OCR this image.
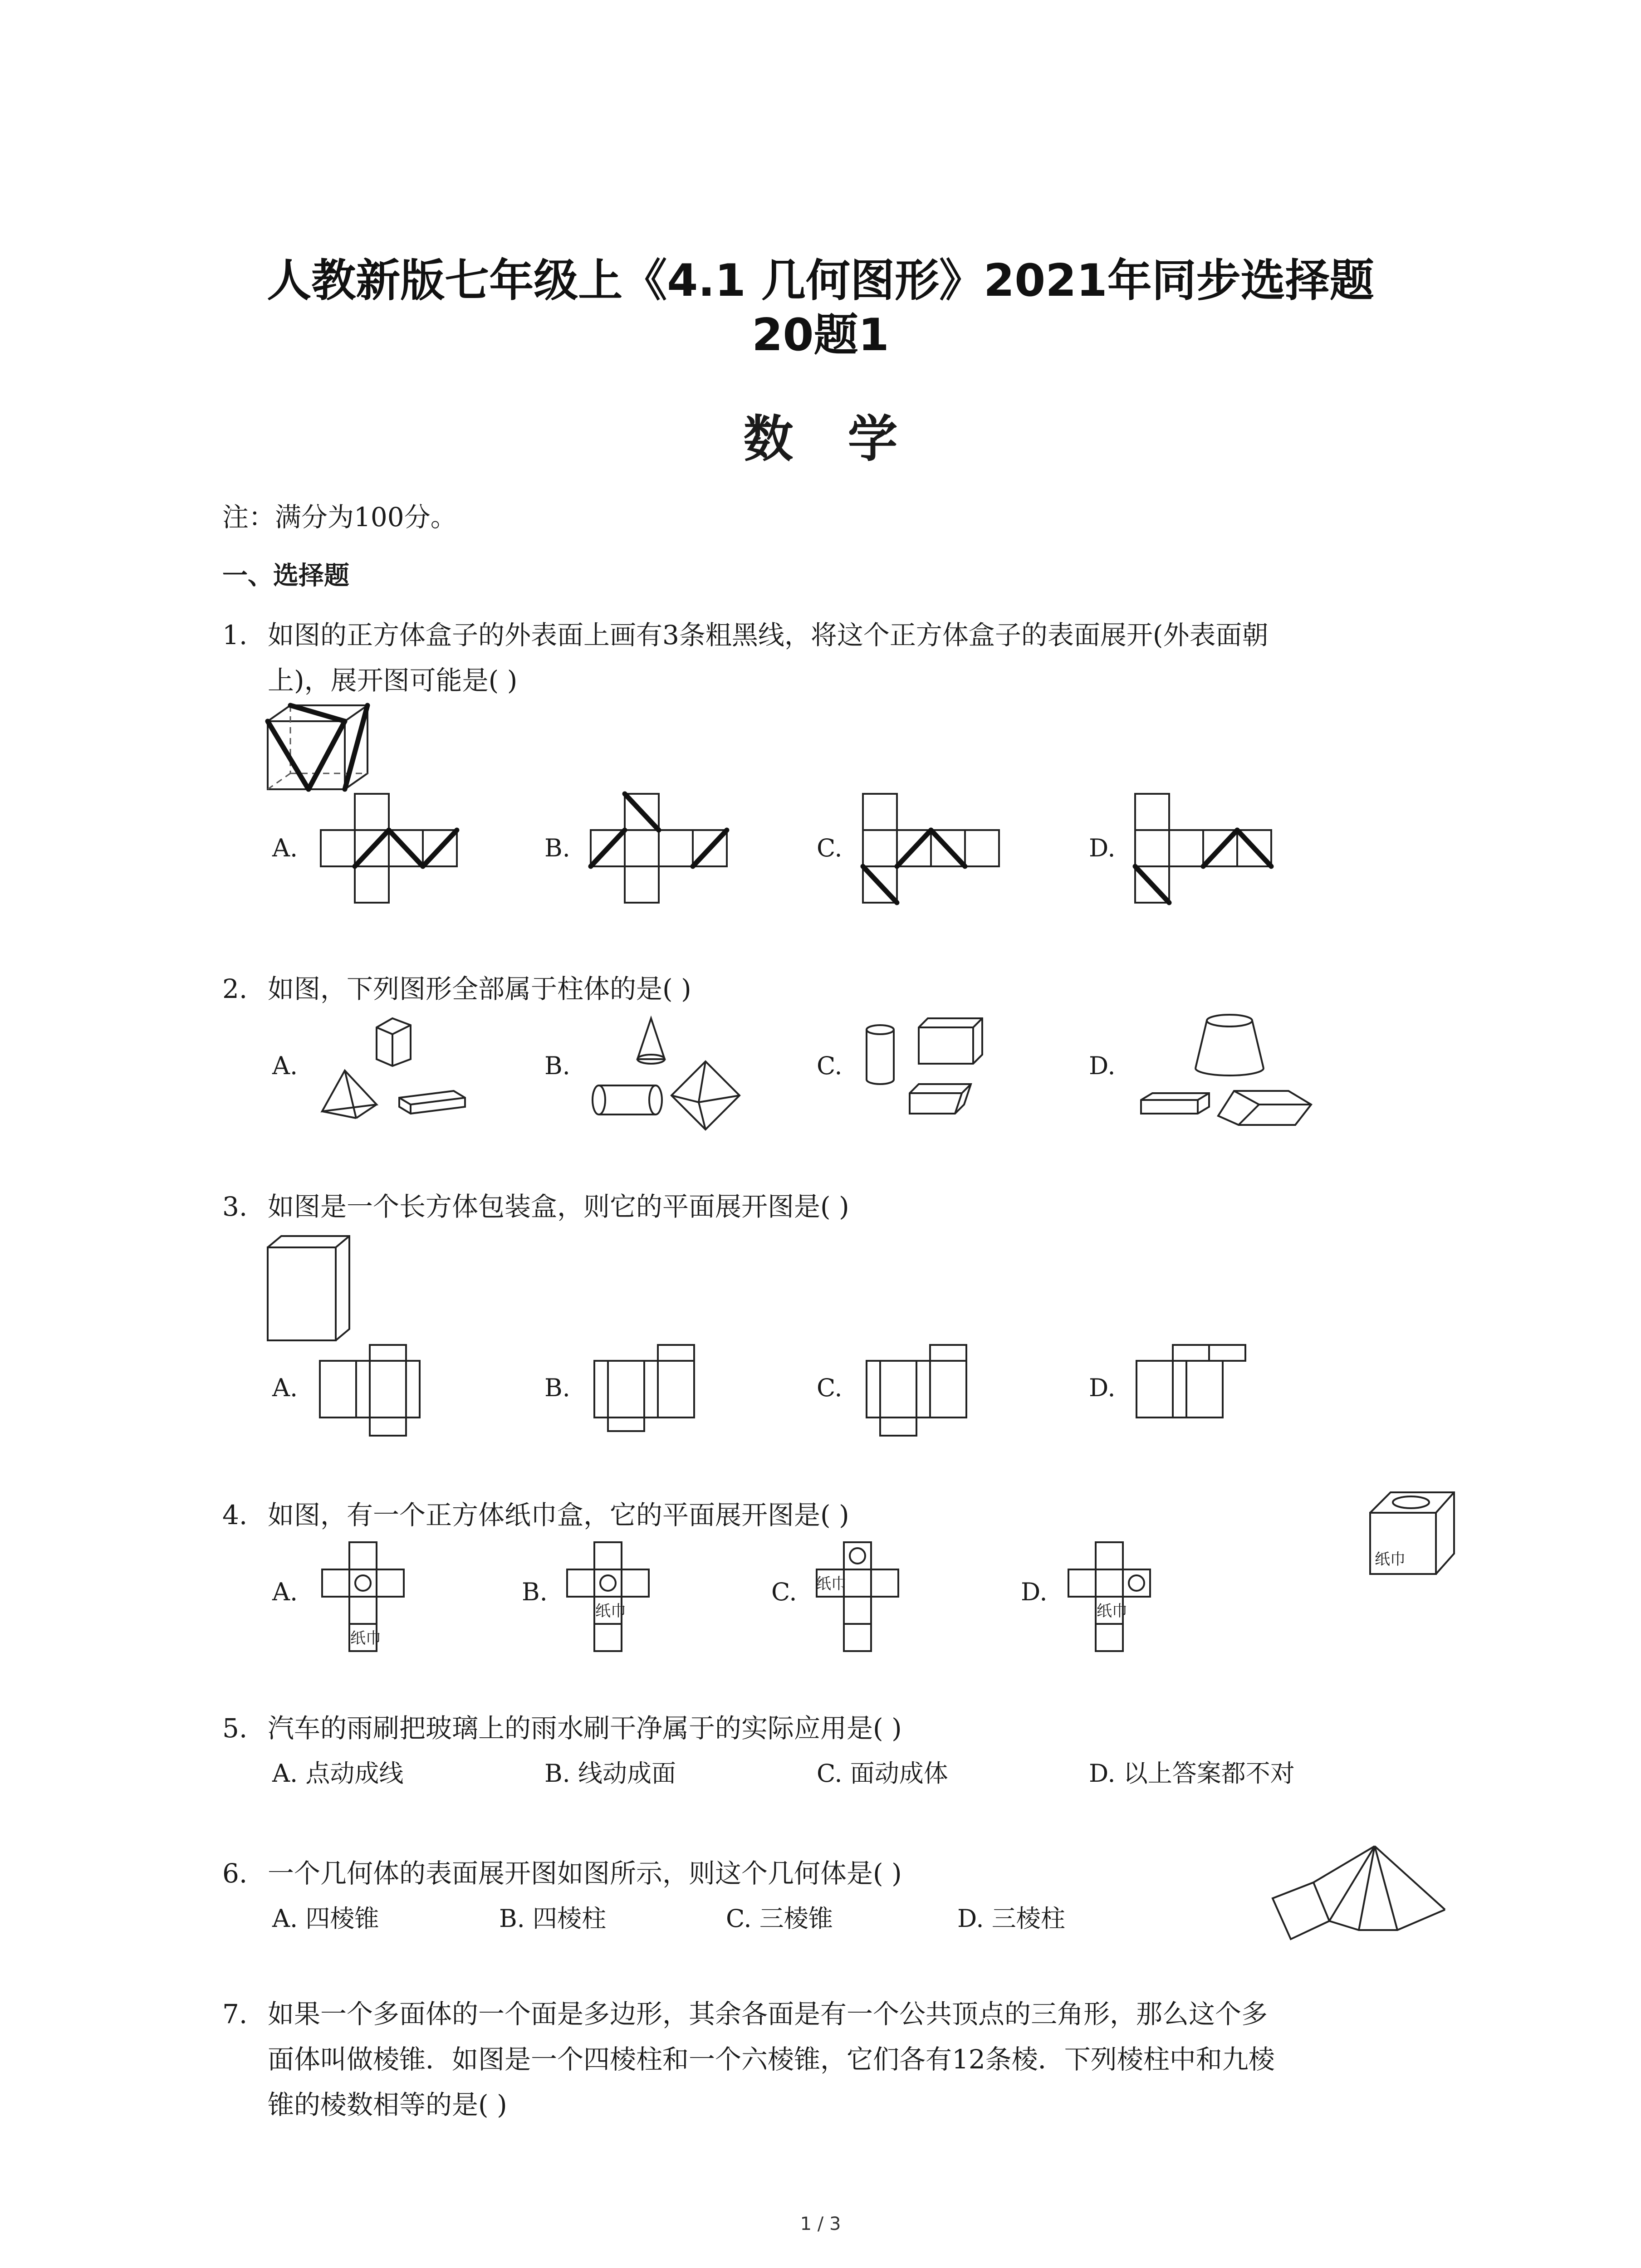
人教新版七年级上《4.1 几何图形》2021年同步选择题
20题1
数学
注：满分为100分。
一、选择题
1. 如图的正方体盒子的外表面上画有3条粗黑线，将这个正方体盒子的表面展开(外表面朝
上)，展开图可能是( )
A.	B.	C.	D.
2. 如图，下列图形全部属于柱体的是( )
A.	B.	C.	D.
3. 如图是一个长方体包装盒，则它的平面展开图是( )
A.	B.	C.	D.
4. 如图，有一个正方体纸巾盒，它的平面展开图是( )
纸巾
A.
纸巾
B.
纸巾
C. 纸巾	D.
纸巾
5. 汽车的雨刷把玻璃上的雨水刷干净属于的实际应用是( )
A. 点动成线	B. 线动成面	C. 面动成体	D. 以上答案都不对
6. 一个几何体的表面展开图如图所示，则这个几何体是( )
A. 四棱锥	B. 四棱柱	C. 三棱锥	D. 三棱柱
7. 如果一个多面体的一个面是多边形，其余各面是有一个公共顶点的三角形，那么这个多
面体叫做棱锥．如图是一个四棱柱和一个六棱锥，它们各有12条棱．下列棱柱中和九棱
锥的棱数相等的是( )
1 / 3
